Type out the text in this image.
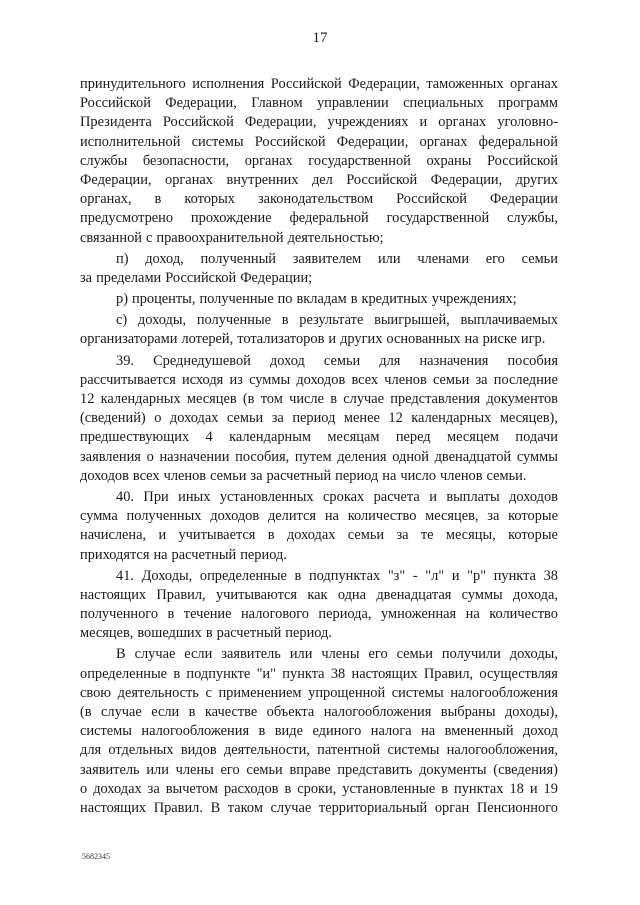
17
принудительного исполнения Российской Федерации, таможенных органах
Российской Федерации, Главном управлении специальных программ
Президента Российской Федерации, учреждениях и органах уголовно-
исполнительной системы Российской Федерации, органах федеральной
службы безопасности, органах государственной охраны Российской
Федерации, органах внутренних дел Российской Федерации, других
органах, в которых законодательством Российской Федерации
предусмотрено прохождение федеральной государственной службы,
связанной с правоохранительной деятельностью;
п) доход, полученный заявителем или членами его семьи
за пределами Российской Федерации;
р) проценты, полученные по вкладам в кредитных учреждениях;
с) доходы, полученные в результате выигрышей, выплачиваемых
организаторами лотерей, тотализаторов и других основанных на риске игр.
39. Среднедушевой доход семьи для назначения пособия
рассчитывается исходя из суммы доходов всех членов семьи за последние
12 календарных месяцев (в том числе в случае представления документов
(сведений) о доходах семьи за период менее 12 календарных месяцев),
предшествующих 4 календарным месяцам перед месяцем подачи
заявления о назначении пособия, путем деления одной двенадцатой суммы
доходов всех членов семьи за расчетный период на число членов семьи.
40. При иных установленных сроках расчета и выплаты доходов
сумма полученных доходов делится на количество месяцев, за которые
начислена, и учитывается в доходах семьи за те месяцы, которые
приходятся на расчетный период.
41. Доходы, определенные в подпунктах "з" - "л" и "р" пункта 38
настоящих Правил, учитываются как одна двенадцатая суммы дохода,
полученного в течение налогового периода, умноженная на количество
месяцев, вошедших в расчетный период.
В случае если заявитель или члены его семьи получили доходы,
определенные в подпункте "и" пункта 38 настоящих Правил, осуществляя
свою деятельность с применением упрощенной системы налогообложения
(в случае если в качестве объекта налогообложения выбраны доходы),
системы налогообложения в виде единого налога на вмененный доход
для отдельных видов деятельности, патентной системы налогообложения,
заявитель или члены его семьи вправе представить документы (сведения)
о доходах за вычетом расходов в сроки, установленные в пунктах 18 и 19
настоящих Правил. В таком случае территориальный орган Пенсионного
5682345
